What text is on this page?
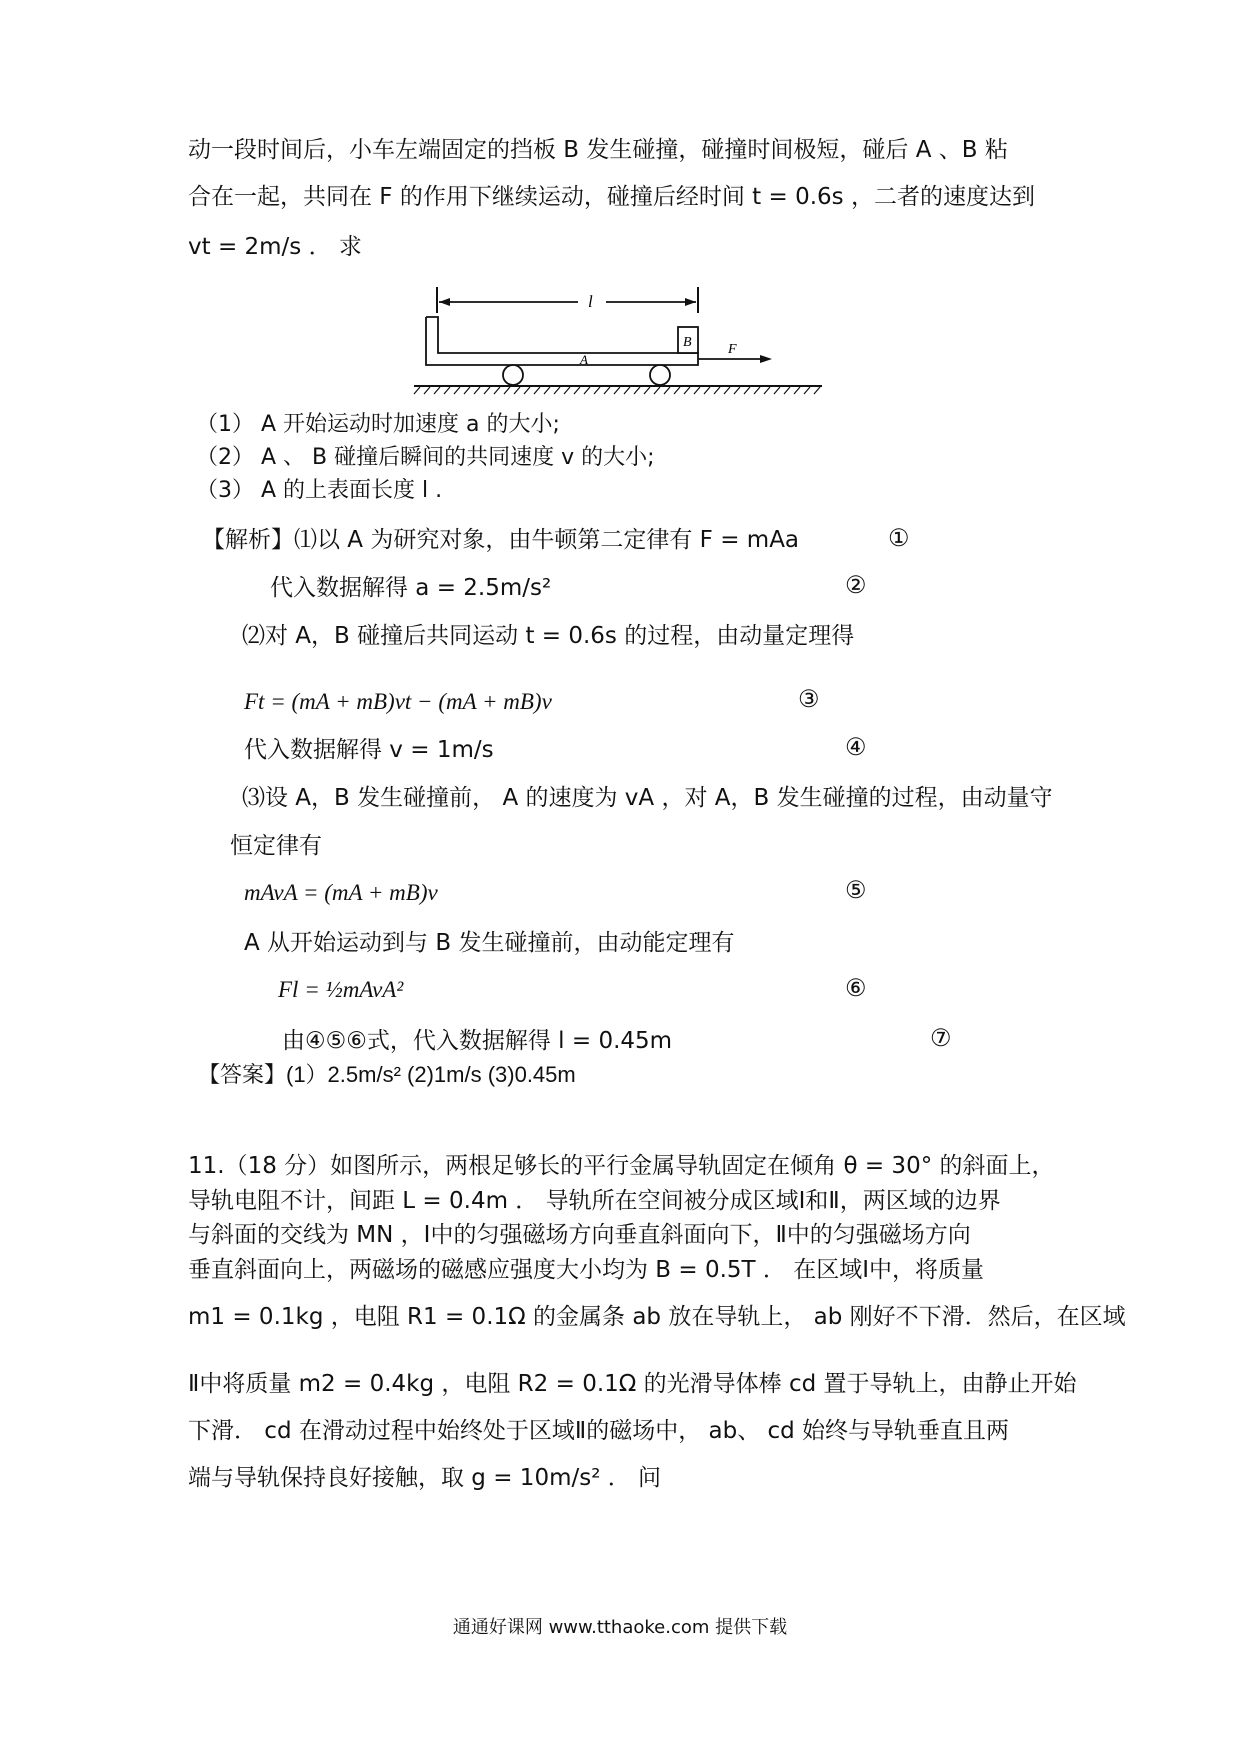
动一段时间后，小车左端固定的挡板 B 发生碰撞，碰撞时间极短，碰后 A 、B 粘
合在一起，共同在 F 的作用下继续运动，碰撞后经时间 t = 0.6s ，二者的速度达到
vt = 2m/s ． 求
l
B
A
F
（1） A 开始运动时加速度 a 的大小;
（2） A 、 B 碰撞后瞬间的共同速度 v 的大小;
（3） A 的上表面长度 l .
【解析】⑴以 A 为研究对象，由牛顿第二定律有 F = mAa	①
代入数据解得 a = 2.5m/s²	②
⑵对 A，B 碰撞后共同运动 t = 0.6s 的过程，由动量定理得
Ft = (mA + mB)vt − (mA + mB)v	③
代入数据解得 v = 1m/s	④
⑶设 A，B 发生碰撞前， A 的速度为 vA ，对 A，B 发生碰撞的过程，由动量守
恒定律有
mAvA = (mA + mB)v	⑤
A 从开始运动到与 B 发生碰撞前，由动能定理有
Fl = ½mAvA²	⑥
由④⑤⑥式，代入数据解得 l = 0.45m	⑦
【答案】(1）2.5m/s² (2)1m/s (3)0.45m
11.（18 分）如图所示，两根足够长的平行金属导轨固定在倾角 θ = 30° 的斜面上，
导轨电阻不计，间距 L = 0.4m ． 导轨所在空间被分成区域Ⅰ和Ⅱ，两区域的边界
与斜面的交线为 MN ，Ⅰ中的匀强磁场方向垂直斜面向下，Ⅱ中的匀强磁场方向
垂直斜面向上，两磁场的磁感应强度大小均为 B = 0.5T ． 在区域Ⅰ中，将质量
m1 = 0.1kg ，电阻 R1 = 0.1Ω 的金属条 ab 放在导轨上， ab 刚好不下滑．然后，在区域
Ⅱ中将质量 m2 = 0.4kg ，电阻 R2 = 0.1Ω 的光滑导体棒 cd 置于导轨上，由静止开始
下滑． cd 在滑动过程中始终处于区域Ⅱ的磁场中， ab、 cd 始终与导轨垂直且两
端与导轨保持良好接触，取 g = 10m/s² ． 问
通通好课网 www.tthaoke.com 提供下载
